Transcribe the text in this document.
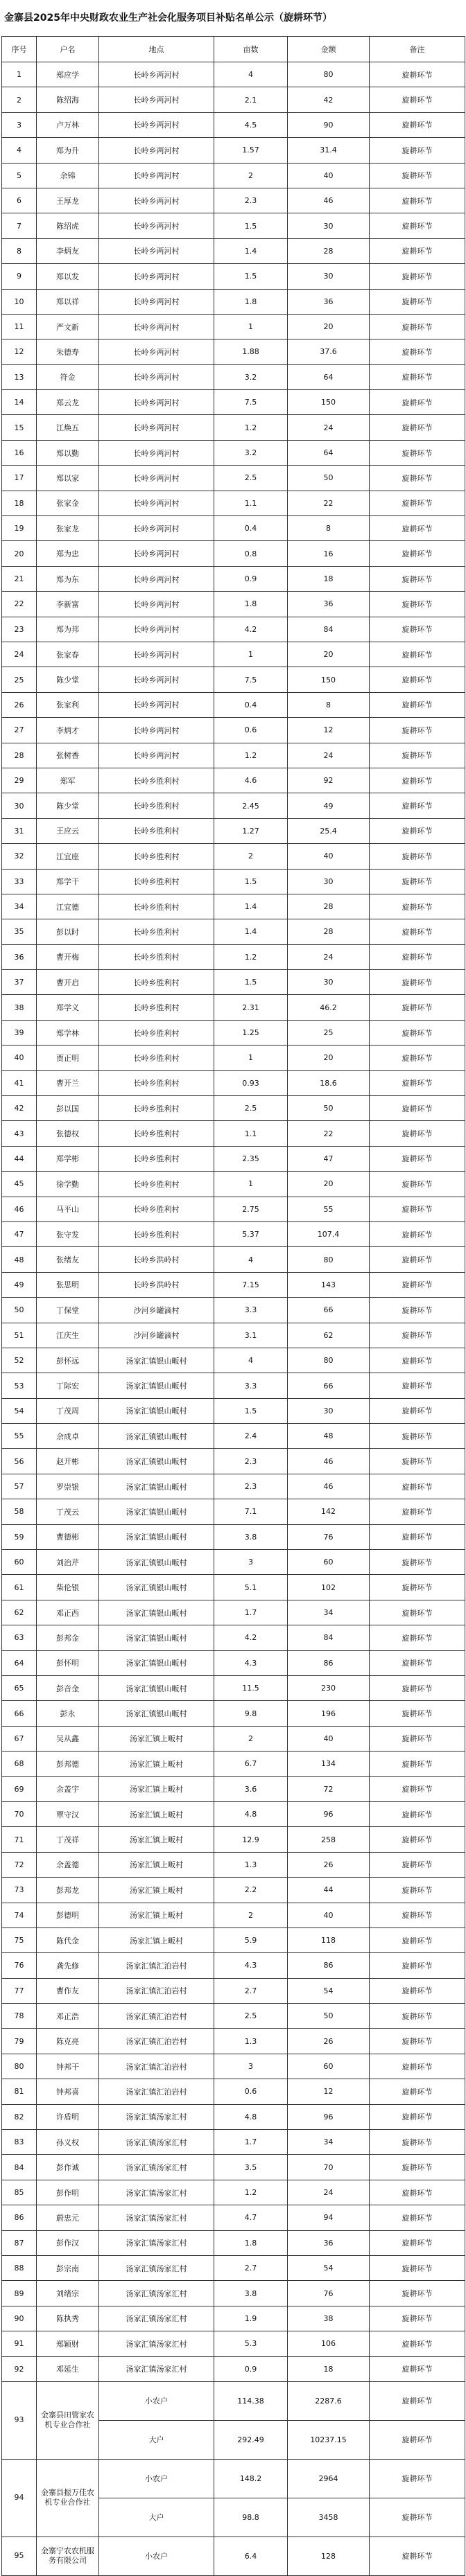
金寨县2025年中央财政农业生产社会化服务项目补贴名单公示（旋耕环节）
序号	户名	地点	亩数	金额	备注
1	郑应学	长岭乡两河村	4	80	旋耕环节
2	陈绍海	长岭乡两河村	2.1	42	旋耕环节
3	卢万林	长岭乡两河村	4.5	90	旋耕环节
4	郑为升	长岭乡两河村	1.57	31.4	旋耕环节
5	余锦	长岭乡两河村	2	40	旋耕环节
6	王厚龙	长岭乡两河村	2.3	46	旋耕环节
7	陈绍虎	长岭乡两河村	1.5	30	旋耕环节
8	李炳友	长岭乡两河村	1.4	28	旋耕环节
9	郑以发	长岭乡两河村	1.5	30	旋耕环节
10	郑以祥	长岭乡两河村	1.8	36	旋耕环节
11	严文新	长岭乡两河村	1	20	旋耕环节
12	朱德寿	长岭乡两河村	1.88	37.6	旋耕环节
13	符金	长岭乡两河村	3.2	64	旋耕环节
14	郑云龙	长岭乡两河村	7.5	150	旋耕环节
15	江焕五	长岭乡两河村	1.2	24	旋耕环节
16	郑以勤	长岭乡两河村	3.2	64	旋耕环节
17	郑以家	长岭乡两河村	2.5	50	旋耕环节
18	张家金	长岭乡两河村	1.1	22	旋耕环节
19	张家龙	长岭乡两河村	0.4	8	旋耕环节
20	郑为忠	长岭乡两河村	0.8	16	旋耕环节
21	郑为东	长岭乡两河村	0.9	18	旋耕环节
22	李新富	长岭乡两河村	1.8	36	旋耕环节
23	郑为邦	长岭乡两河村	4.2	84	旋耕环节
24	张家春	长岭乡两河村	1	20	旋耕环节
25	陈少堂	长岭乡两河村	7.5	150	旋耕环节
26	张家利	长岭乡两河村	0.4	8	旋耕环节
27	李炳才	长岭乡两河村	0.6	12	旋耕环节
28	张树香	长岭乡两河村	1.2	24	旋耕环节
29	郑军	长岭乡胜利村	4.6	92	旋耕环节
30	陈少堂	长岭乡胜利村	2.45	49	旋耕环节
31	王应云	长岭乡胜利村	1.27	25.4	旋耕环节
32	江宜座	长岭乡胜利村	2	40	旋耕环节
33	郑学干	长岭乡胜利村	1.5	30	旋耕环节
34	江宜德	长岭乡胜利村	1.4	28	旋耕环节
35	彭以时	长岭乡胜利村	1.4	28	旋耕环节
36	曹开梅	长岭乡胜利村	1.2	24	旋耕环节
37	曹开启	长岭乡胜利村	1.5	30	旋耕环节
38	郑学义	长岭乡胜利村	2.31	46.2	旋耕环节
39	郑学林	长岭乡胜利村	1.25	25	旋耕环节
40	贾正明	长岭乡胜利村	1	20	旋耕环节
41	曹开兰	长岭乡胜利村	0.93	18.6	旋耕环节
42	彭以国	长岭乡胜利村	2.5	50	旋耕环节
43	张德权	长岭乡胜利村	1.1	22	旋耕环节
44	郑学彬	长岭乡胜利村	2.35	47	旋耕环节
45	徐学勤	长岭乡胜利村	1	20	旋耕环节
46	马平山	长岭乡胜利村	2.75	55	旋耕环节
47	张守发	长岭乡胜利村	5.37	107.4	旋耕环节
48	张绪友	长岭乡洪岭村	4	80	旋耕环节
49	张思明	长岭乡洪岭村	7.15	143	旋耕环节
50	丁保堂	沙河乡罐滴村	3.3	66	旋耕环节
51	江庆生	沙河乡罐滴村	3.1	62	旋耕环节
52	彭怀远	汤家汇镇银山畈村	4	80	旋耕环节
53	丁际宏	汤家汇镇银山畈村	3.3	66	旋耕环节
54	丁茂周	汤家汇镇银山畈村	1.5	30	旋耕环节
55	余成卓	汤家汇镇银山畈村	2.4	48	旋耕环节
56	赵开彬	汤家汇镇银山畈村	2.3	46	旋耕环节
57	罗崇银	汤家汇镇银山畈村	2.3	46	旋耕环节
58	丁茂云	汤家汇镇银山畈村	7.1	142	旋耕环节
59	曹德彬	汤家汇镇银山畈村	3.8	76	旋耕环节
60	刘治芹	汤家汇镇银山畈村	3	60	旋耕环节
61	柴伦银	汤家汇镇银山畈村	5.1	102	旋耕环节
62	邓正西	汤家汇镇银山畈村	1.7	34	旋耕环节
63	彭邦金	汤家汇镇银山畈村	4.2	84	旋耕环节
64	彭怀明	汤家汇镇银山畈村	4.3	86	旋耕环节
65	彭音金	汤家汇镇银山畈村	11.5	230	旋耕环节
66	彭永	汤家汇镇银山畈村	9.8	196	旋耕环节
67	吴从鑫	汤家汇镇上畈村	2	40	旋耕环节
68	彭邦德	汤家汇镇上畈村	6.7	134	旋耕环节
69	余盖宇	汤家汇镇上畈村	3.6	72	旋耕环节
70	覃守汉	汤家汇镇上畈村	4.8	96	旋耕环节
71	丁茂祥	汤家汇镇上畈村	12.9	258	旋耕环节
72	余盖德	汤家汇镇上畈村	1.3	26	旋耕环节
73	彭邦龙	汤家汇镇上畈村	2.2	44	旋耕环节
74	彭德明	汤家汇镇上畈村	2	40	旋耕环节
75	陈代金	汤家汇镇上畈村	5.9	118	旋耕环节
76	龚先修	汤家汇镇汇泊岩村	4.3	86	旋耕环节
77	曹作友	汤家汇镇汇泊岩村	2.7	54	旋耕环节
78	邓正浩	汤家汇镇汇泊岩村	2.5	50	旋耕环节
79	陈克亮	汤家汇镇汇泊岩村	1.3	26	旋耕环节
80	钟邦干	汤家汇镇汇泊岩村	3	60	旋耕环节
81	钟邦喜	汤家汇镇汇泊岩村	0.6	12	旋耕环节
82	许盾明	汤家汇镇汤家汇村	4.8	96	旋耕环节
83	孙义权	汤家汇镇汤家汇村	1.7	34	旋耕环节
84	彭作诚	汤家汇镇汤家汇村	3.5	70	旋耕环节
85	彭作明	汤家汇镇汤家汇村	1.2	24	旋耕环节
86	蔚忠元	汤家汇镇汤家汇村	4.7	94	旋耕环节
87	彭作汉	汤家汇镇汤家汇村	1.8	36	旋耕环节
88	彭宗南	汤家汇镇汤家汇村	2.7	54	旋耕环节
89	刘绪宗	汤家汇镇汤家汇村	3.8	76	旋耕环节
90	陈执秀	汤家汇镇汤家汇村	1.9	38	旋耕环节
91	郑颖财	汤家汇镇汤家汇村	5.3	106	旋耕环节
92	邓延生	汤家汇镇汤家汇村	0.9	18	旋耕环节
93	金寨县田管家农机专业合作社	小农户	114.38	2287.6	旋耕环节
		大户	292.49	10237.15	旋耕环节
94	金寨县振万佳农机专业合作社	小农户	148.2	2964	旋耕环节
		大户	98.8	3458	旋耕环节
95	金寨宁农农机服务有限公司	小农户	6.4	128	旋耕环节
